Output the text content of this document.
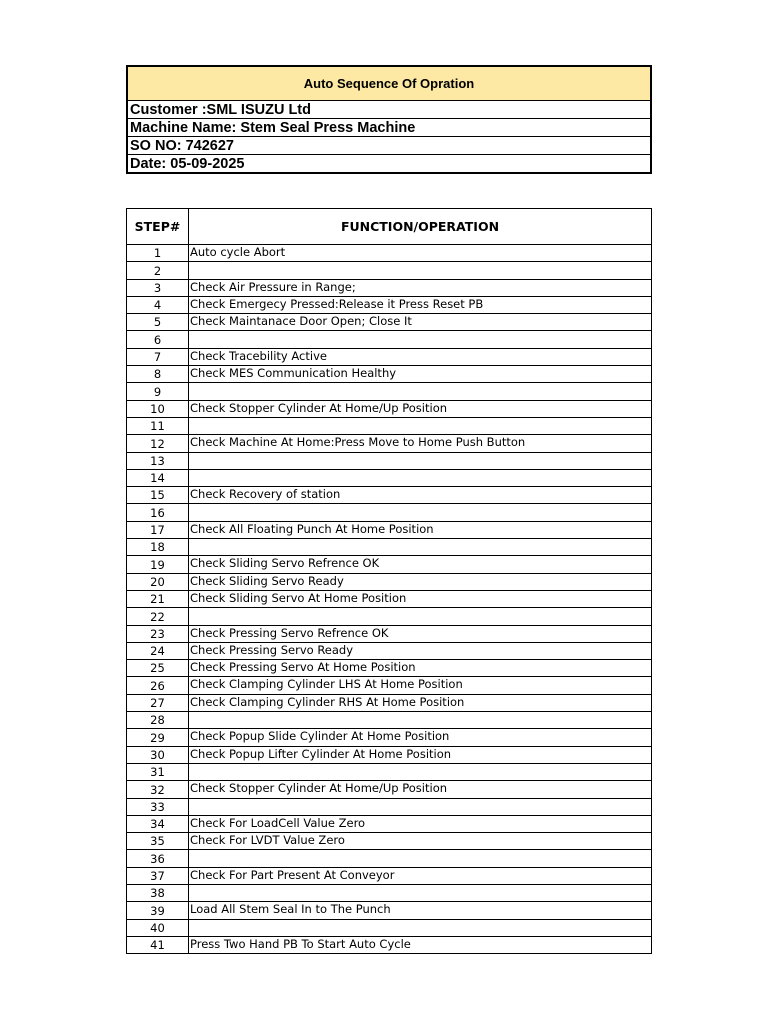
Auto Sequence Of Opration
Customer :SML ISUZU Ltd
Machine Name: Stem Seal Press Machine
SO NO: 742627
Date: 05-09-2025
STEP#	FUNCTION/OPERATION
1	Auto cycle Abort
2	
3	Check Air Pressure in Range;
4	Check Emergecy Pressed:Release it Press Reset PB
5	Check Maintanace Door Open; Close It
6	
7	Check Tracebility Active
8	Check MES Communication Healthy
9	
10	Check Stopper Cylinder At Home/Up Position
11	
12	Check Machine At Home:Press Move to Home Push Button
13	
14	
15	Check Recovery of station
16	
17	Check All Floating Punch At Home Position
18	
19	Check Sliding Servo Refrence OK
20	Check Sliding Servo Ready
21	Check Sliding Servo At Home Position
22	
23	Check Pressing Servo Refrence OK
24	Check Pressing Servo Ready
25	Check Pressing Servo At Home Position
26	Check Clamping Cylinder LHS At Home Position
27	Check Clamping Cylinder RHS At Home Position
28	
29	Check Popup Slide Cylinder At Home Position
30	Check Popup Lifter Cylinder At Home Position
31	
32	Check Stopper Cylinder At Home/Up Position
33	
34	Check For LoadCell Value Zero
35	Check For LVDT Value Zero
36	
37	Check For Part Present At Conveyor
38	
39	Load All Stem Seal In to The Punch
40	
41	Press Two Hand PB To Start Auto Cycle
